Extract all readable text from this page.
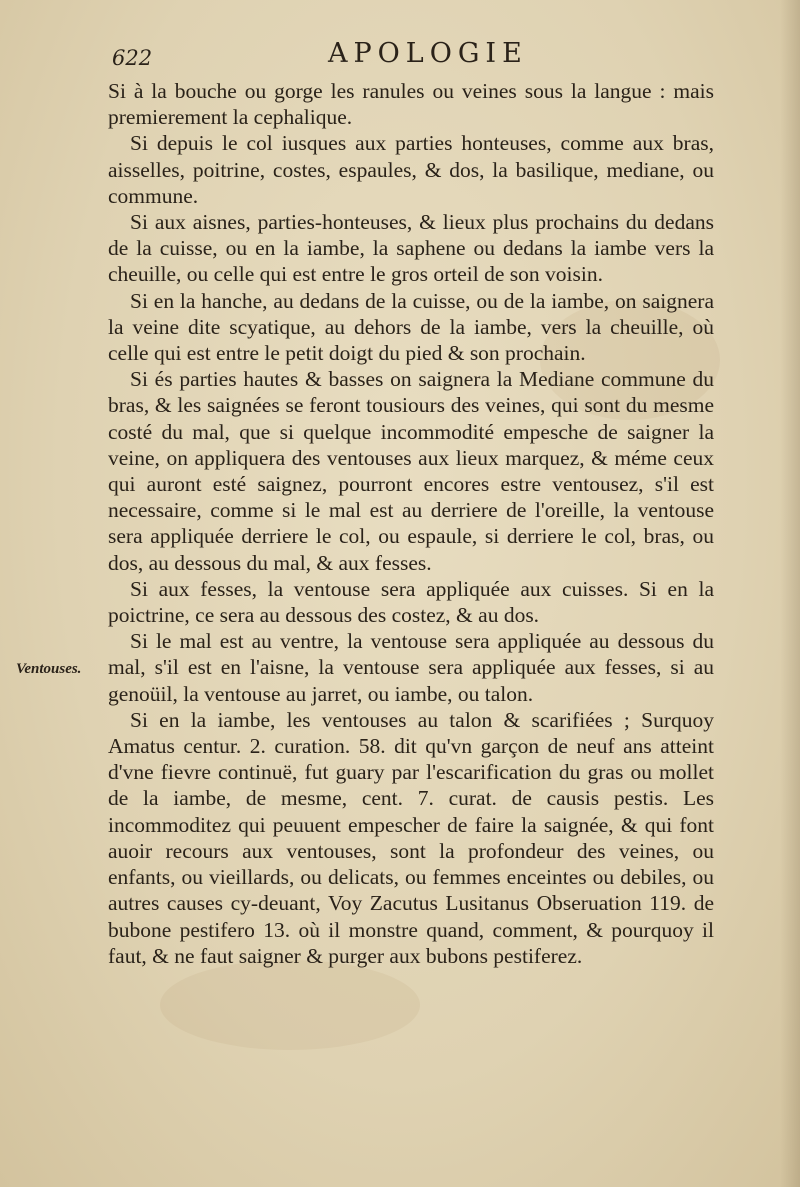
622	APOLOGIE
Ventouses.

Si à la bouche ou gorge les ranules ou veines sous la langue : mais premierement la cephalique.

Si depuis le col iusques aux parties honteuses, comme aux bras, aisselles, poitrine, costes, espaules, & dos, la basilique, mediane, ou commune.

Si aux aisnes, parties-honteuses, & lieux plus prochains du dedans de la cuisse, ou en la iambe, la saphene ou dedans la iambe vers la cheuille, ou celle qui est entre le gros orteil de son voisin.

Si en la hanche, au dedans de la cuisse, ou de la iambe, on saignera la veine dite scyatique, au dehors de la iambe, vers la cheuille, où celle qui est entre le petit doigt du pied & son prochain.

Si és parties hautes & basses on saignera la Mediane commune du bras, & les saignées se feront tousiours des veines, qui sont du mesme costé du mal, que si quelque incommodité empesche de saigner la veine, on appliquera des ventouses aux lieux marquez, & méme ceux qui auront esté saignez, pourront encores estre ventousez, s'il est necessaire, comme si le mal est au derriere de l'oreille, la ventouse sera appliquée derriere le col, ou espaule, si derriere le col, bras, ou dos, au dessous du mal, & aux fesses.

Si aux fesses, la ventouse sera appliquée aux cuisses. Si en la poictrine, ce sera au dessous des costez, & au dos.

Si le mal est au ventre, la ventouse sera appliquée au dessous du mal, s'il est en l'aisne, la ventouse sera appliquée aux fesses, si au genoüil, la ventouse au jarret, ou iambe, ou talon.

Si en la iambe, les ventouses au talon & scarifiées ; Surquoy Amatus centur. 2. curation. 58. dit qu'vn garçon de neuf ans atteint d'vne fievre continuë, fut guary par l'escarification du gras ou mollet de la iambe, de mesme, cent. 7. curat. de causis pestis. Les incommoditez qui peuuent empescher de faire la saignée, & qui font auoir recours aux ventouses, sont la profondeur des veines, ou enfants, ou vieillards, ou delicats, ou femmes enceintes ou debiles, ou autres causes cy-deuant, Voy Zacutus Lusitanus Obseruation 119. de bubone pestifero 13. où il monstre quand, comment, & pourquoy il faut, & ne faut saigner & purger aux bubons pestiferez.
